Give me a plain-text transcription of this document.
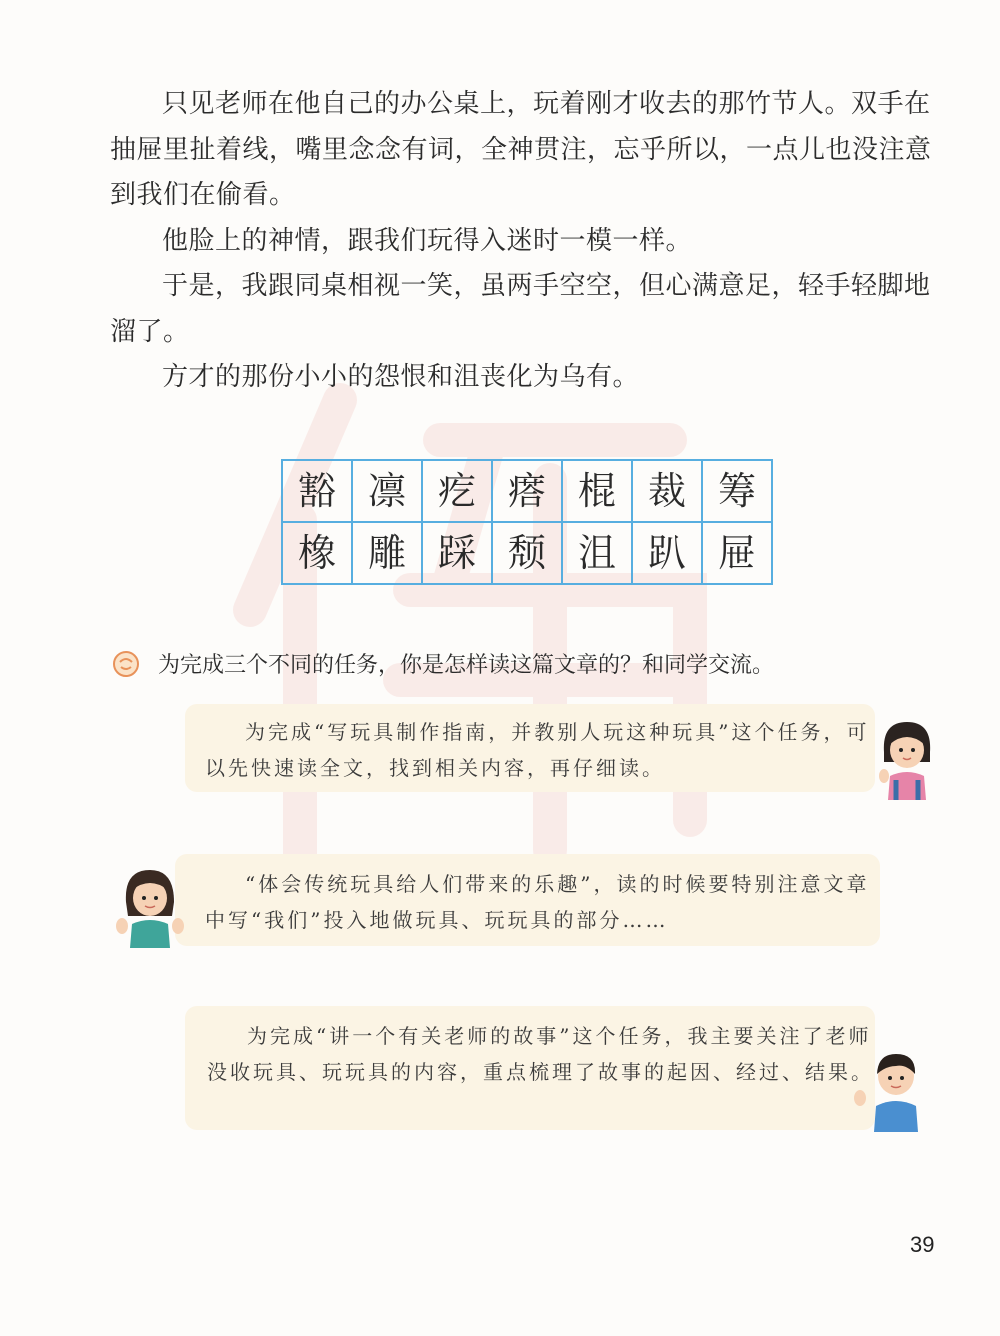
只见老师在他自己的办公桌上，玩着刚才收去的那竹节人。双手在抽屉里扯着线，嘴里念念有词，全神贯注，忘乎所以，一点儿也没注意到我们在偷看。

他脸上的神情，跟我们玩得入迷时一模一样。

于是，我跟同桌相视一笑，虽两手空空，但心满意足，轻手轻脚地溜了。

方才的那份小小的怨恨和沮丧化为乌有。

豁	凛	疙	瘩	棍	裁	筹
橡	雕	踩	颓	沮	趴	屉
为完成三个不同的任务，你是怎样读这篇文章的？和同学交流。

为完成“写玩具制作指南，并教别人玩这种玩具”这个任务，可以先快速读全文，找到相关内容，再仔细读。

“体会传统玩具给人们带来的乐趣”，读的时候要特别注意文章中写“我们”投入地做玩具、玩玩具的部分……

为完成“讲一个有关老师的故事”这个任务，我主要关注了老师没收玩具、玩玩具的内容，重点梳理了故事的起因、经过、结果。

39
